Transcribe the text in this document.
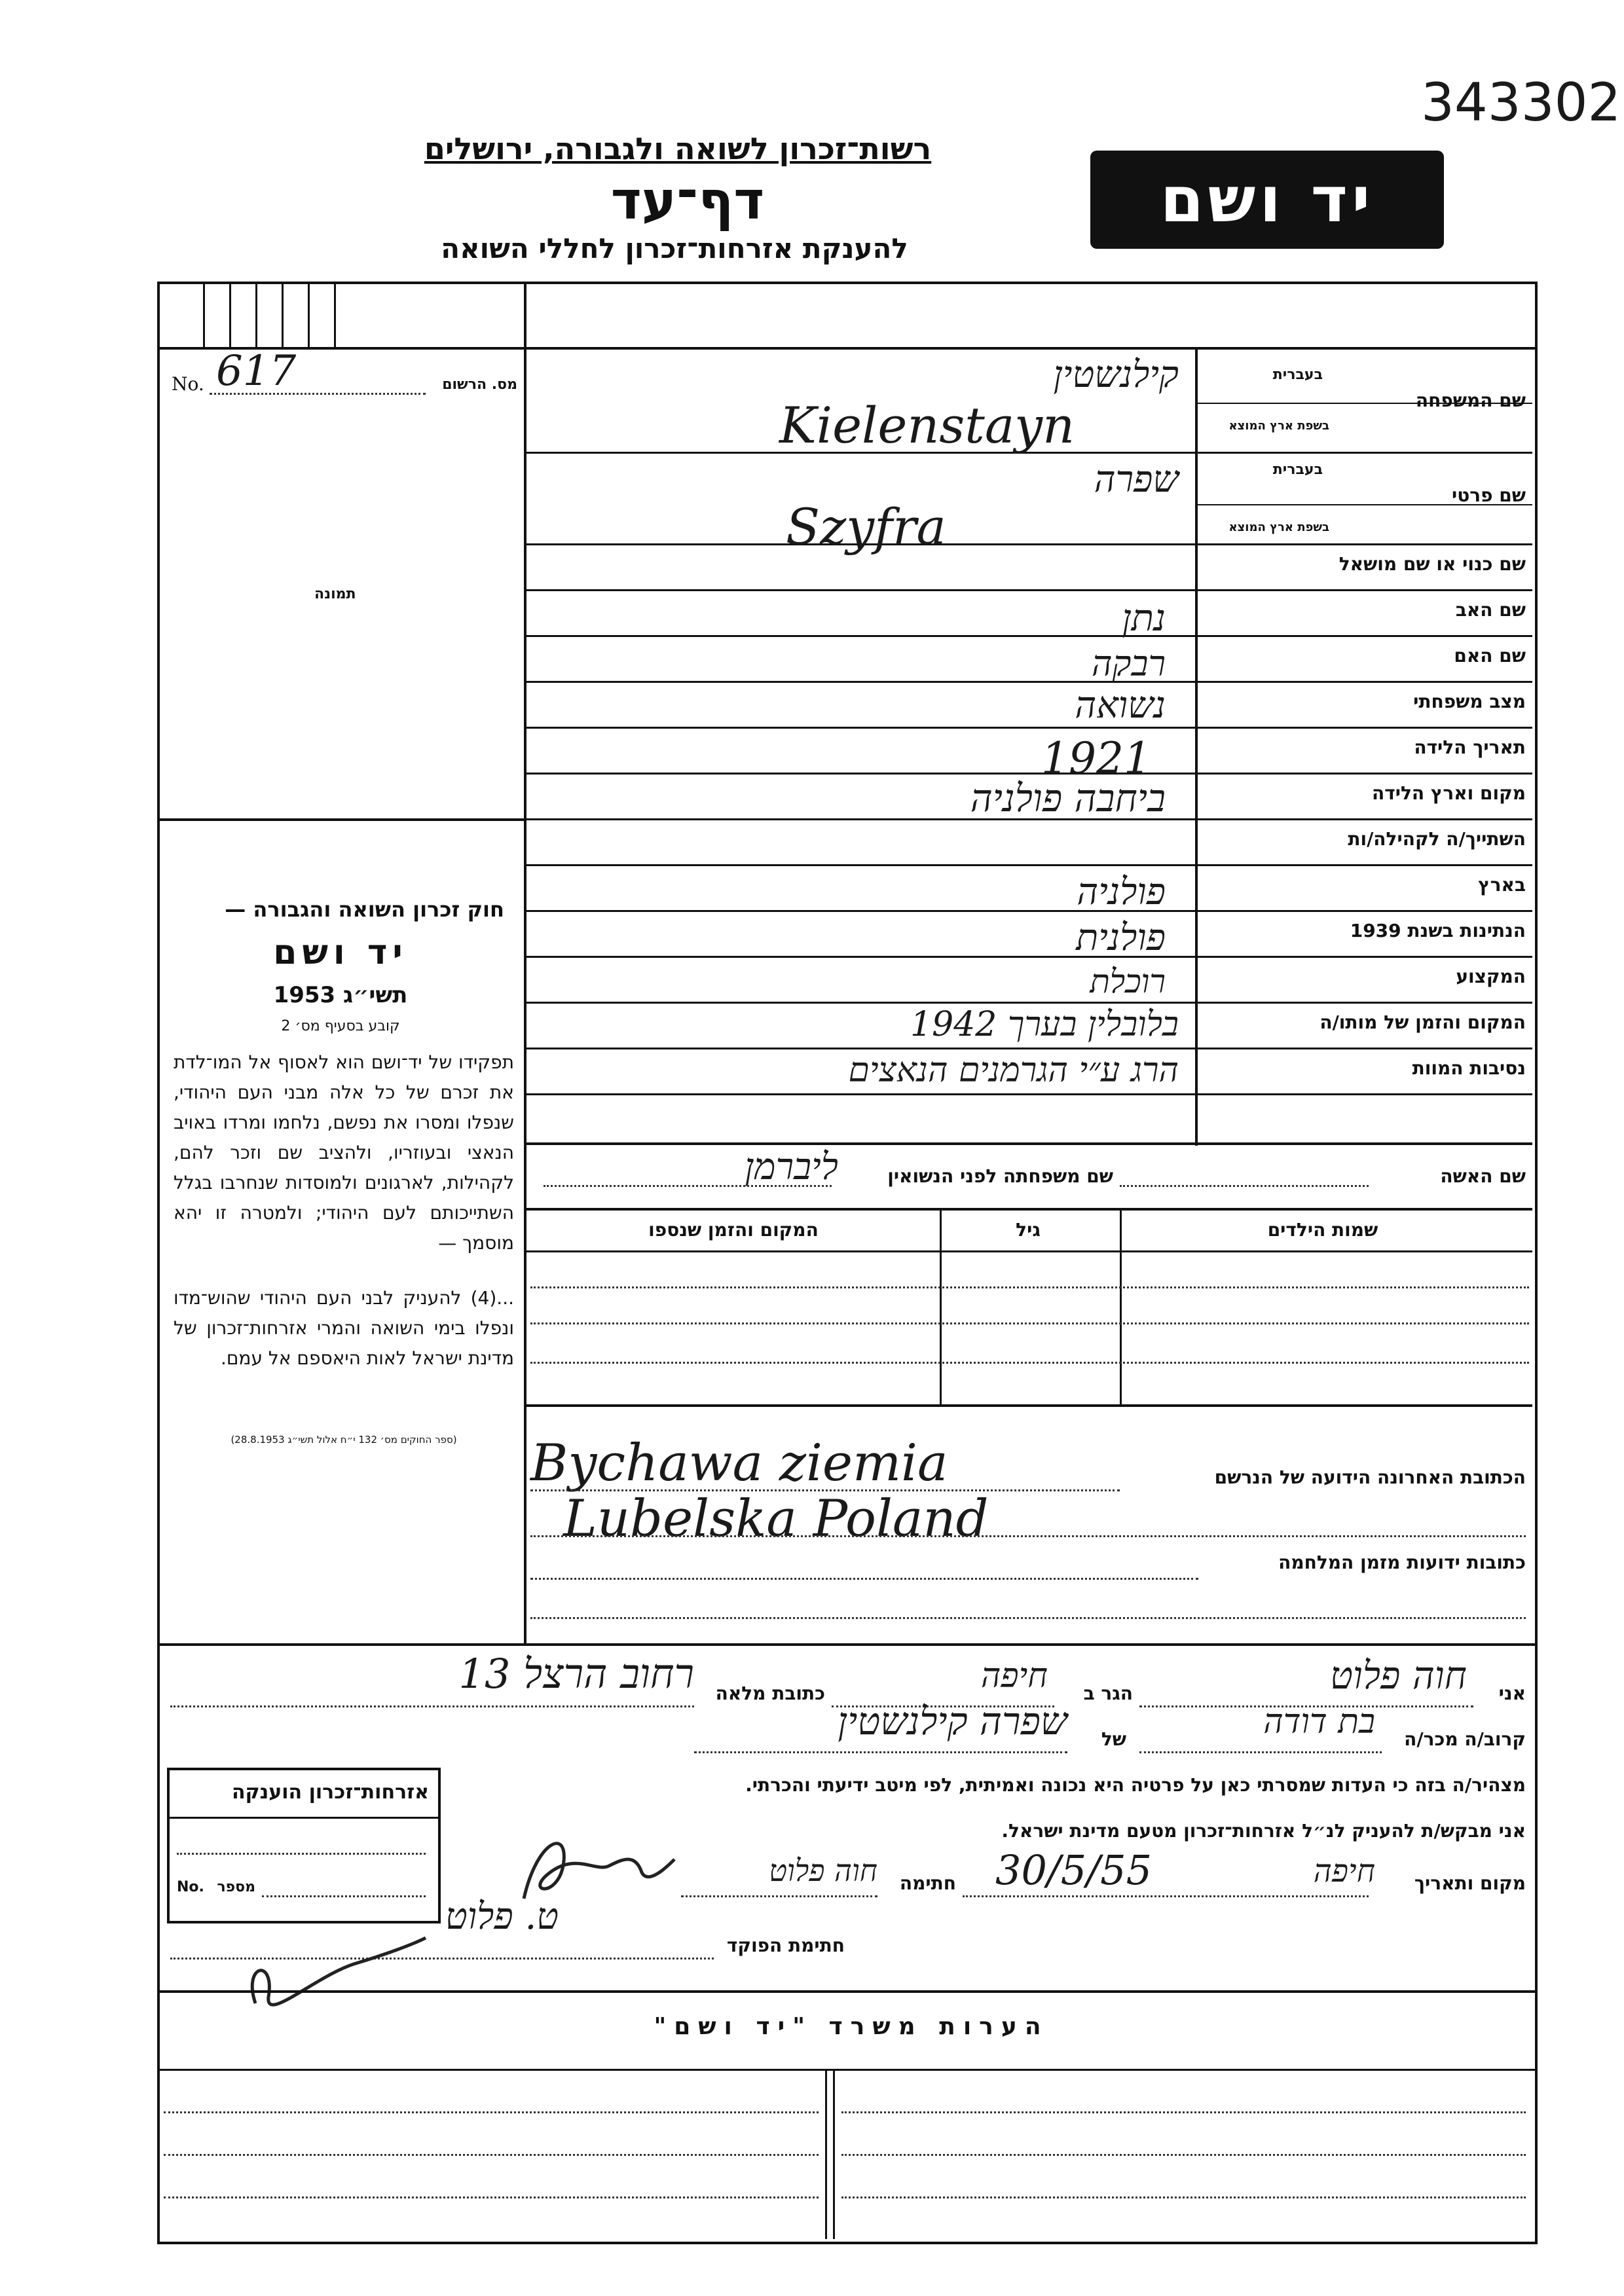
343302
רשות־זכרון לשואה ולגבורה, ירושלים
דף־עד
להענקת אזרחות־זכרון לחללי השואה
יד ושם
No. 617	מס. הרשום
תמונה
חוק זכרון השואה והגבורה —
יד ושם
תשי״ג 1953
קובע בסעיף מס׳ 2
תפקידו של יד־ושם הוא לאסוף אל המו־לדת את זכרם של כל אלה מבני העם היהודי, שנפלו ומסרו את נפשם, נלחמו ומרדו באויב הנאצי ובעוזריו, ולהציב שם וזכר להם, לקהילות, לארגונים ולמוסדות שנחרבו בגלל השתייכותם לעם היהודי; ולמטרה זו יהא מוסמך —
...(4) להעניק לבני העם היהודי שהוש־מדו ונפלו בימי השואה והמרי אזרחות־זכרון של מדינת ישראל לאות היאספם אל עמם.
(ספר החוקים מס׳ 132 י״ח אלול תשי״ג 28.8.1953)
שם המשפחה
בעברית
בשפת ארץ המוצא
שם פרטי
בעברית
בשפת ארץ המוצא
שם כנוי או שם מושאל
שם האב
שם האם
מצב משפחתי
תאריך הלידה
מקום וארץ הלידה
השתייך/ה לקהילה/ות
בארץ
הנתינות בשנת 1939
המקצוע
המקום והזמן של מותו/ה
נסיבות המוות
קילנשטין
Kielenstayn
שפרה
Szyfra
נתן
רבקה
נשואה
1921
ביחבה פולניה
פולניה
פולנית
רוכלת
בלובלין בערך 1942
הרג ע״י הגרמנים הנאצים
שם האשה
שם משפחתה לפני הנשואין
ליברמן
שמות הילדים
גיל
המקום והזמן שנספו
הכתובת האחרונה הידועה של הנרשם
Bychawa ziemia
Lubelska Poland
כתובות ידועות מזמן המלחמה
אני
חוה פלוט
הגר ב
חיפה
כתובת מלאה
רחוב הרצל 13
קרוב/ה מכר/ה
בת דודה
של
שפרה קילנשטין
מצהיר/ה בזה כי העדות שמסרתי כאן על פרטיה היא נכונה ואמיתית, לפי מיטב ידיעתי והכרתי.
אני מבקש/ת להעניק לנ״ל אזרחות־זכרון מטעם מדינת ישראל.
מקום ותאריך
חיפה
30/5/55
חתימה
חוה פלוט
חתימת הפוקד
ט. פלוט
אזרחות־זכרון הוענקה
No. מספר
הערות משרד "יד ושם"
